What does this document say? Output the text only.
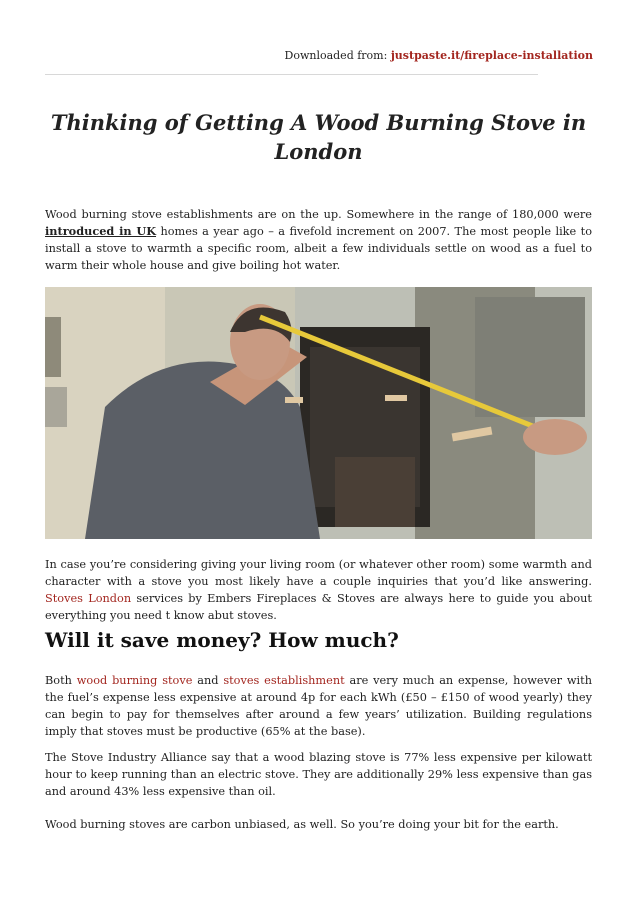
Downloaded from: justpaste.it/fireplace-installation
Thinking of Getting A Wood Burning Stove in London

Wood burning stove establishments are on the up. Somewhere in the range of 180,000 were introduced in UK homes a year ago – a fivefold increment on 2007. The most people like to install a stove to warmth a specific room, albeit a few individuals settle on wood as a fuel to warm their whole house and give boiling hot water.

In case you’re considering giving your living room (or whatever other room) some warmth and character with a stove you most likely have a couple inquiries that you’d like answering. Stoves London services by Embers Fireplaces & Stoves are always here to guide you about everything you need t know abut stoves.

Will it save money? How much?

Both wood burning stove and stoves establishment are very much an expense, however with the fuel’s expense less expensive at around 4p for each kWh (£50 – £150 of wood yearly) they can begin to pay for themselves after around a few years’ utilization. Building regulations imply that stoves must be productive (65% at the base).

The Stove Industry Alliance say that a wood blazing stove is 77% less expensive per kilowatt hour to keep running than an electric stove. They are additionally 29% less expensive than gas and around 43% less expensive than oil.

Wood burning stoves are carbon unbiased, as well. So you’re doing your bit for the earth.
